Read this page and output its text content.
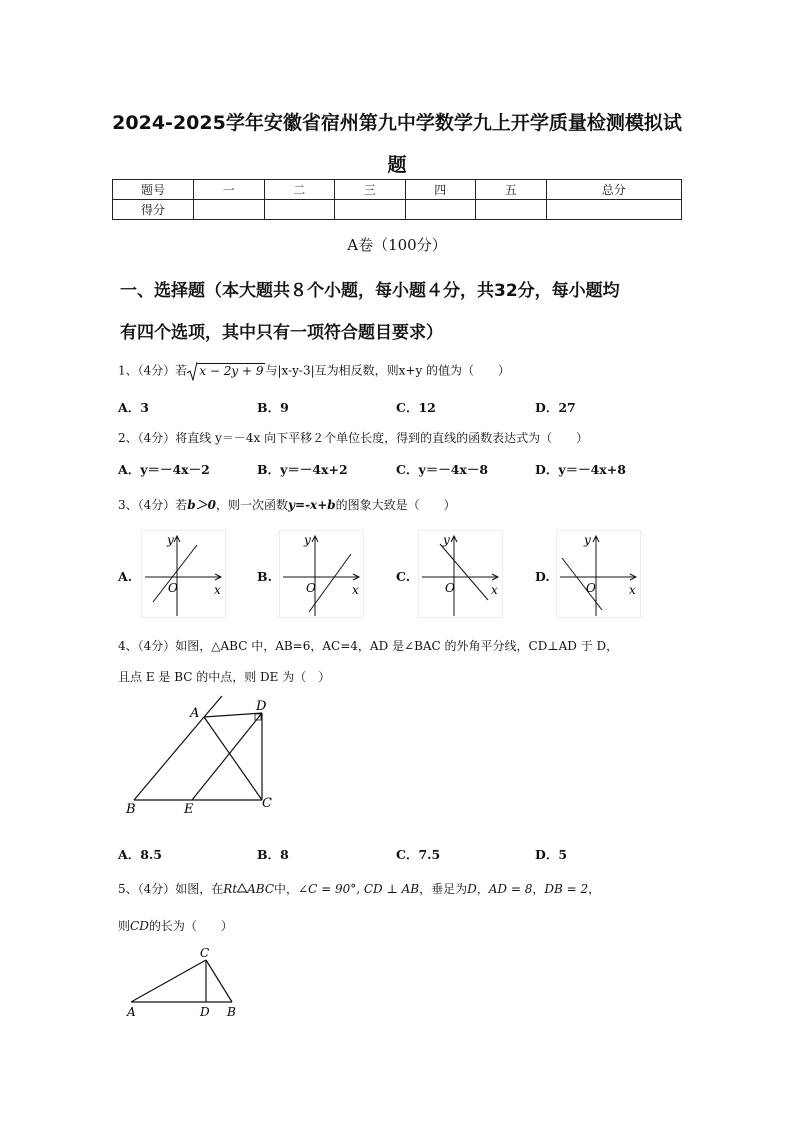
2024-2025学年安徽省宿州第九中学数学九上开学质量检测模拟试
题
题号	一	二	三	四	五	总分
得分						
A卷（100分）
一、选择题（本大题共８个小题，每小题４分，共32分，每小题均
有四个选项，其中只有一项符合题目要求）
1、（4分）若 x − 2y + 9 与|x-y-3|互为相反数，则x+y 的值为（　　）
A．3	B．9	C．12	D．27
2、（4分）将直线 y＝－4x 向下平移２个单位长度，得到的直线的函数表达式为（　　）
A．y＝－4x－2	B．y＝－4x+2	C．y＝－4x－8	D．y＝－4x+8
3、（4分）若b＞0，则一次函数y=-x+b的图象大致是（　　）
A.
y
O	x
B.
y
O	x
C.
y
O	x
D.
y
O	x
4、（4分）如图，△ABC 中，AB=6，AC=4，AD 是∠BAC 的外角平分线，CD⊥AD 于 D，
且点 E 是 BC 的中点，则 DE 为（　）
A	D
B	E	C
A．8.5	B．8	C．7.5	D．5
5、（4分）如图，在Rt ABC中，∠C = 90°, CD ⊥ AB，垂足为D，AD = 8，DB = 2，
则CD的长为（　　）
C
A	D B
